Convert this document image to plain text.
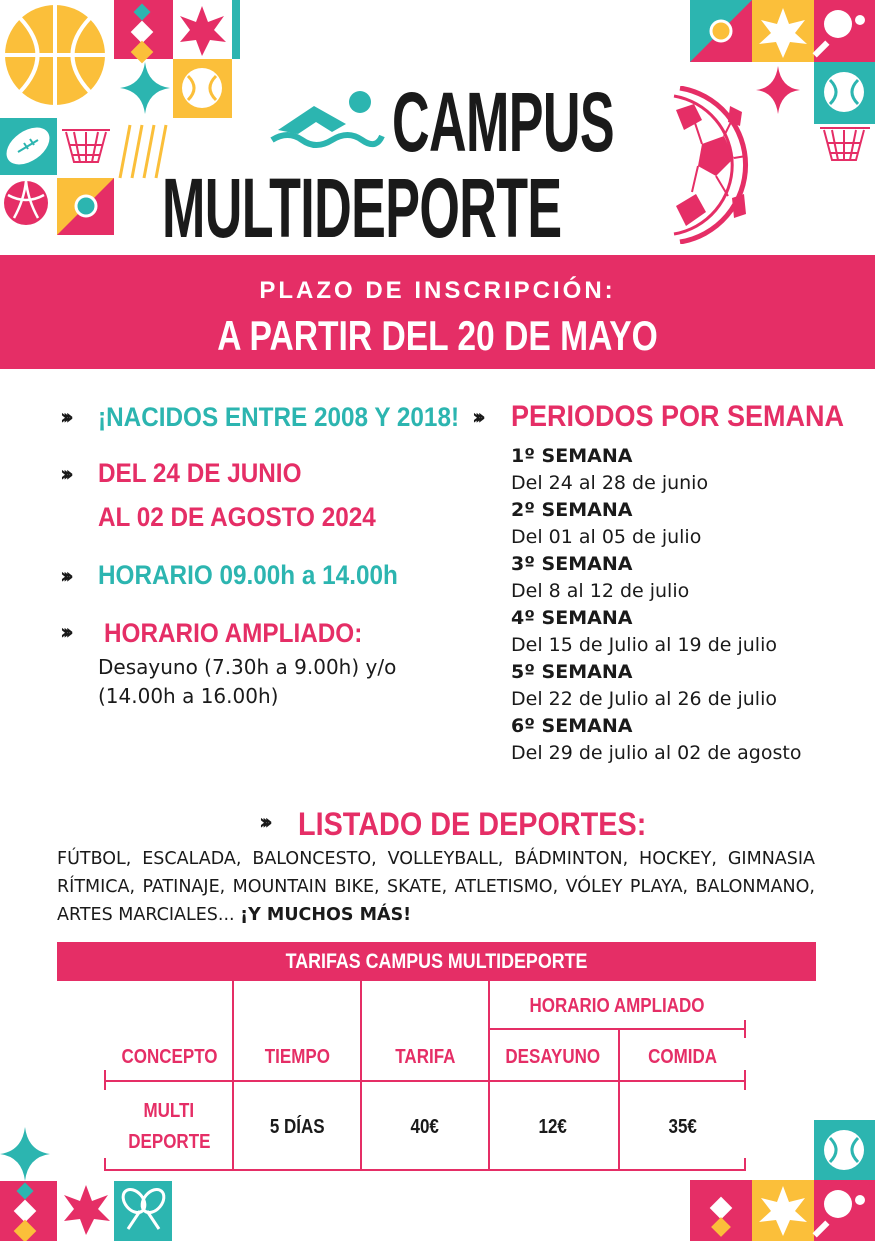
CAMPUS
MULTIDEPORTE
PLAZO DE INSCRIPCIÓN:
A PARTIR DEL 20 DE MAYO
››› ¡NACIDOS ENTRE 2008 Y 2018!
››› DEL 24 DE JUNIO
AL 02 DE AGOSTO 2024
››› HORARIO 09.00h a 14.00h
››› HORARIO AMPLIADO:
Desayuno (7.30h a 9.00h) y/o
(14.00h a 16.00h)
››› PERIODOS POR SEMANA
1º SEMANA
Del 24 al 28 de junio
2º SEMANA
Del 01 al 05 de julio
3º SEMANA
Del 8 al 12 de julio
4º SEMANA
Del 15 de Julio al 19 de julio
5º SEMANA
Del 22 de Julio al 26 de julio
6º SEMANA
Del 29 de julio al 02 de agosto
››› LISTADO DE DEPORTES:
FÚTBOL, ESCALADA, BALONCESTO, VOLLEYBALL, BÁDMINTON, HOCKEY, GIMNASIA RÍTMICA, PATINAJE, MOUNTAIN BIKE, SKATE, ATLETISMO, VÓLEY PLAYA, BALONMANO, ARTES MARCIALES... ¡Y MUCHOS MÁS!
TARIFAS CAMPUS MULTIDEPORTE
HORARIO AMPLIADO
CONCEPTO	TIEMPO	TARIFA	DESAYUNO	COMIDA
MULTI
DEPORTE
5 DÍAS	40€	12€	35€
